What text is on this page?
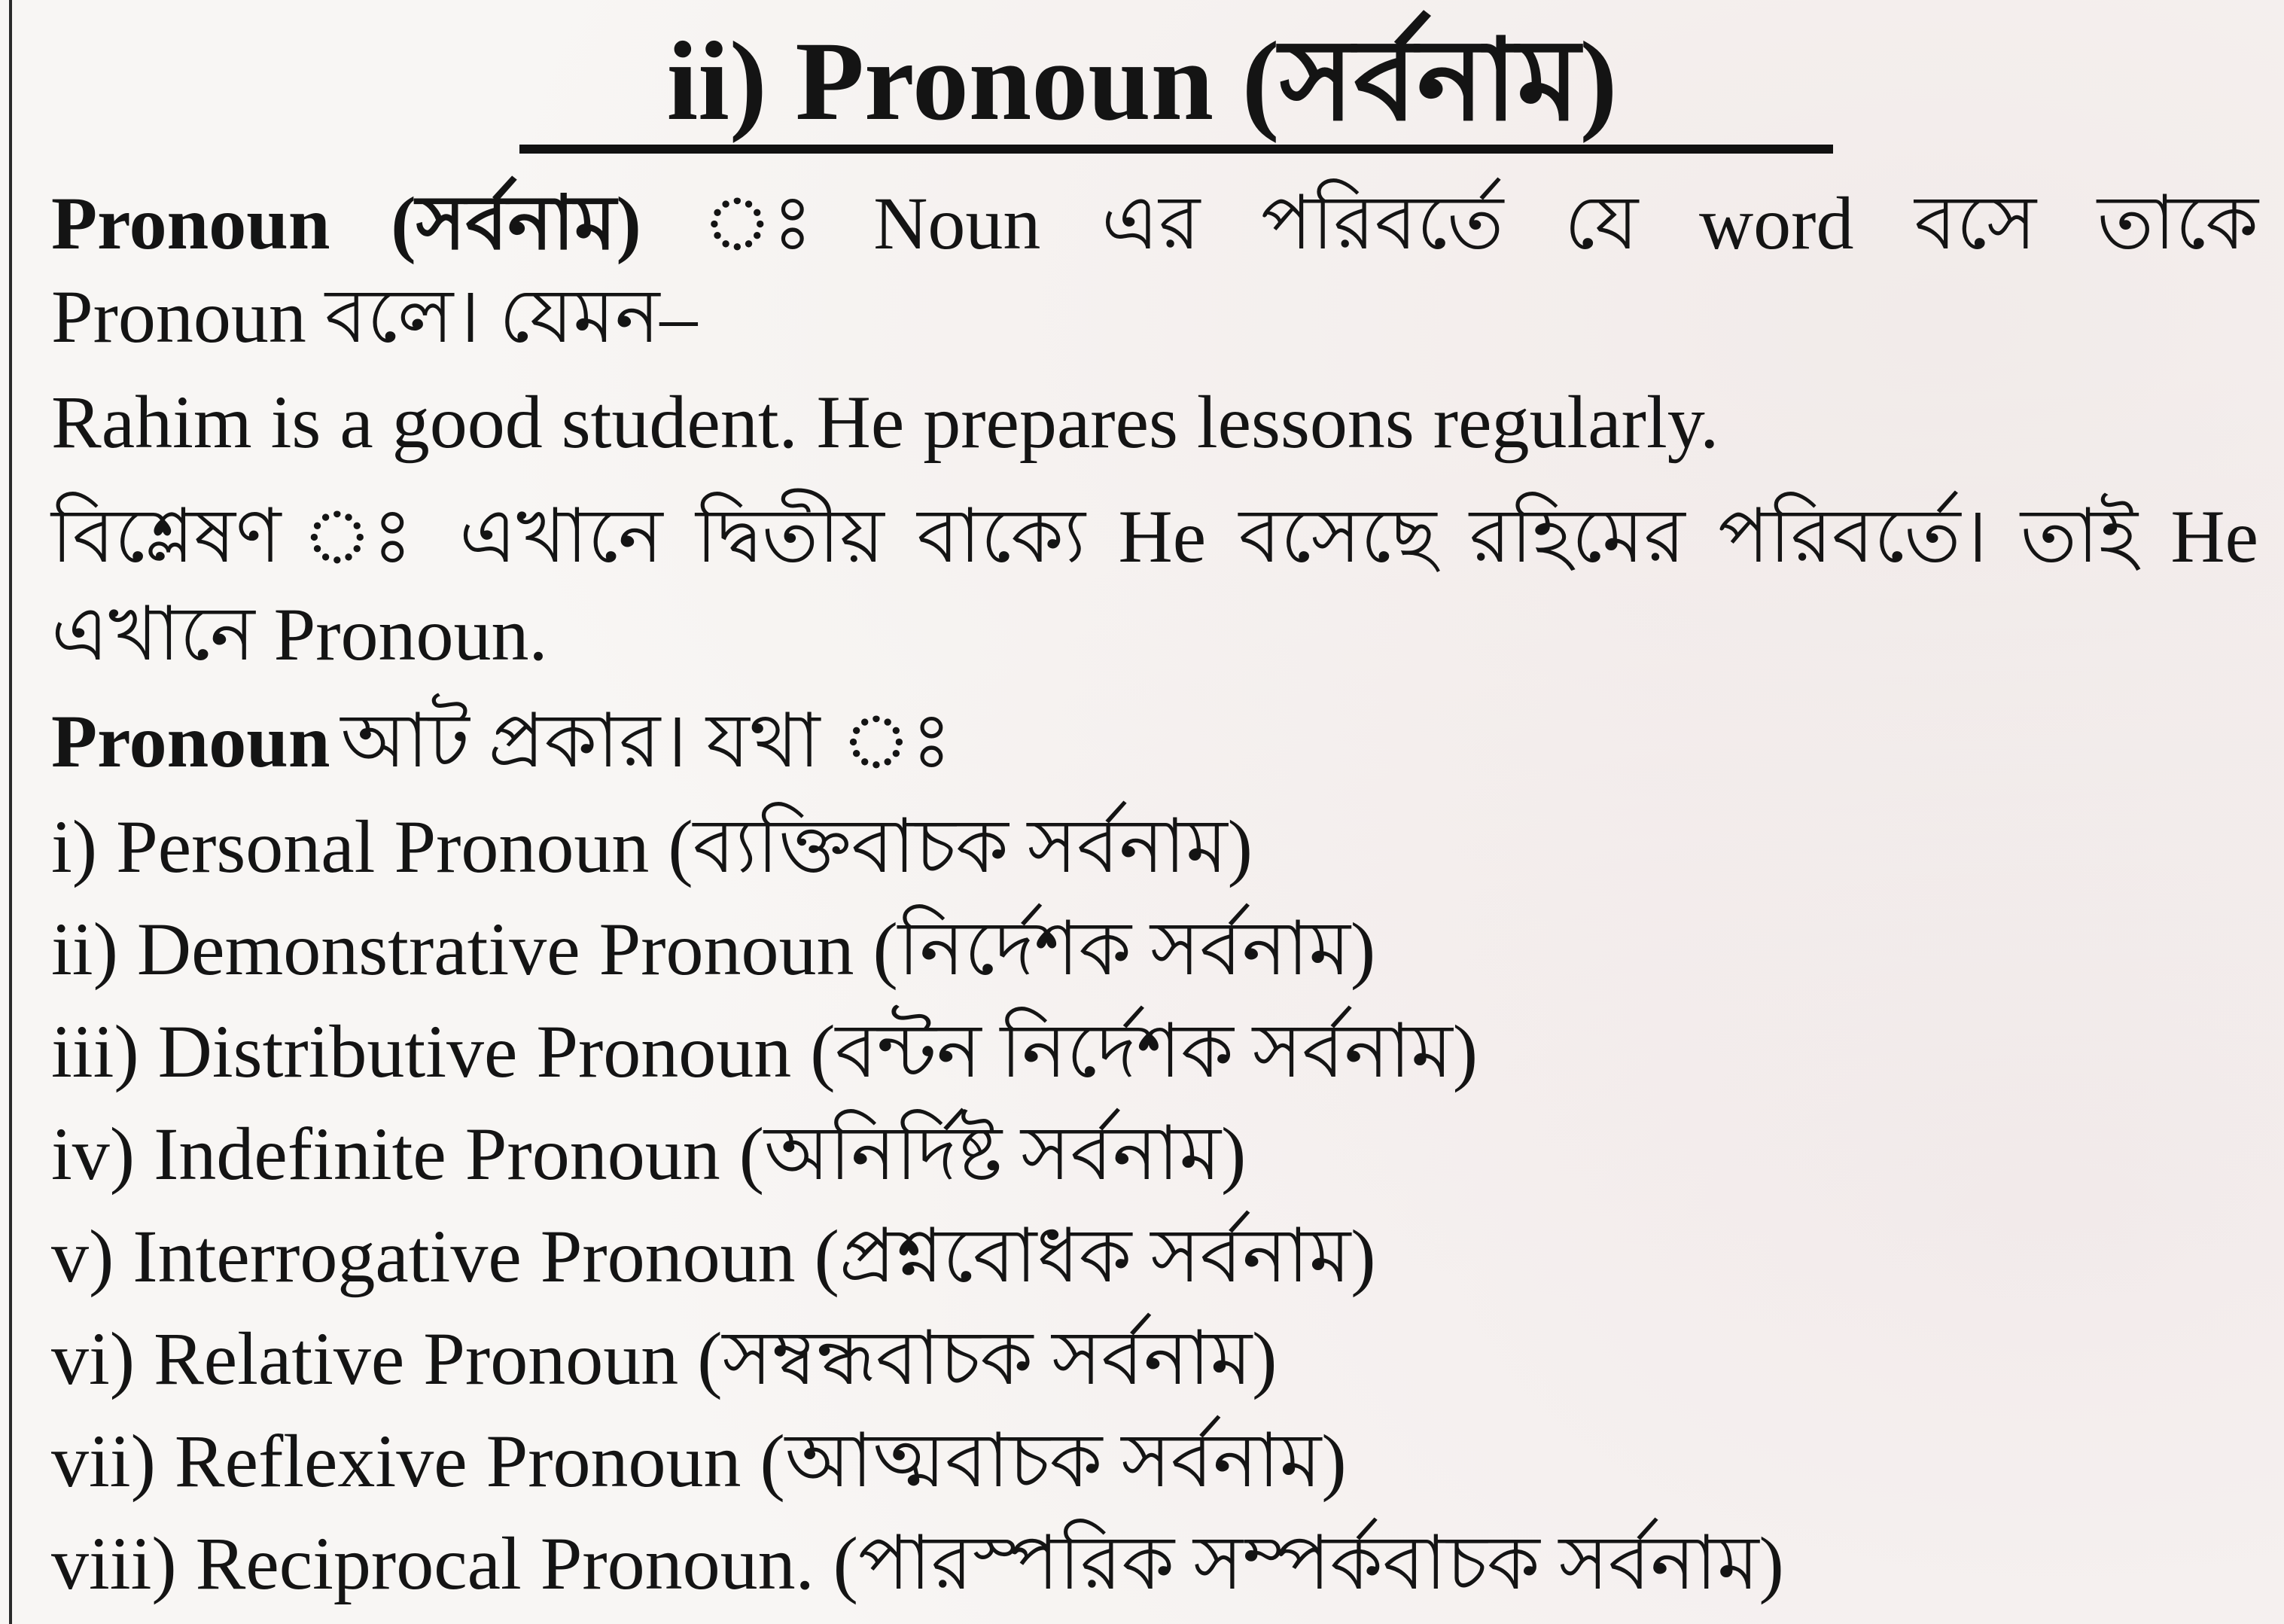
ii) Pronoun (সর্বনাম)
Pronoun (সর্বনাম) ঃ Noun এর পরিবর্তে যে word বসে তাকে
Pronoun বলে। যেমন–
Rahim is a good student. He prepares lessons regularly.
বিশ্লেষণ ঃ এখানে দ্বিতীয় বাক্যে He বসেছে রহিমের পরিবর্তে। তাই He
এখানে Pronoun.
Pronoun আট প্রকার। যথা ঃ
i) Personal Pronoun (ব্যক্তিবাচক সর্বনাম)
ii) Demonstrative Pronoun (নির্দেশক সর্বনাম)
iii) Distributive Pronoun (বন্টন নির্দেশক সর্বনাম)
iv) Indefinite Pronoun (অনির্দিষ্ট সর্বনাম)
v) Interrogative Pronoun (প্রশ্নবোধক সর্বনাম)
vi) Relative Pronoun (সম্বন্ধবাচক সর্বনাম)
vii) Reflexive Pronoun (আত্মবাচক সর্বনাম)
viii) Reciprocal Pronoun. (পারস্পরিক সম্পর্কবাচক সর্বনাম)
